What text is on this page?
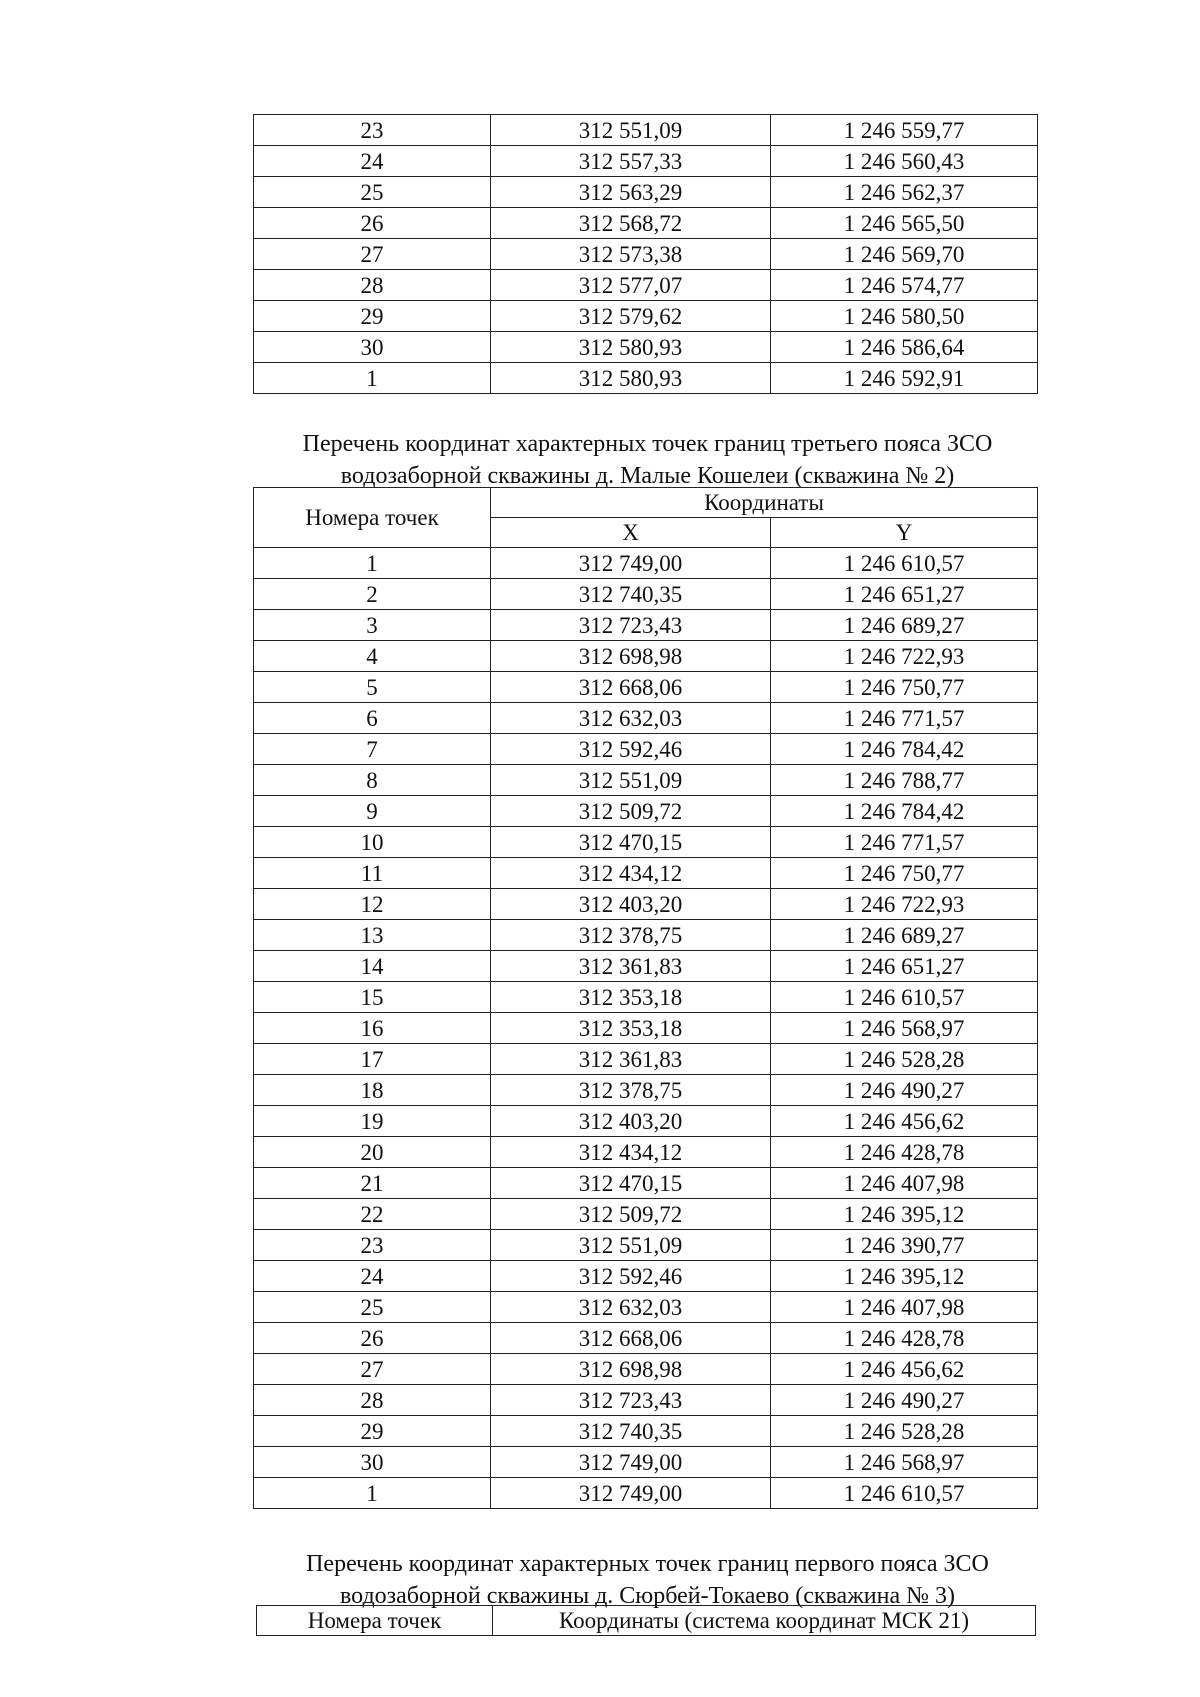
23	312 551,09	1 246 559,77
24	312 557,33	1 246 560,43
25	312 563,29	1 246 562,37
26	312 568,72	1 246 565,50
27	312 573,38	1 246 569,70
28	312 577,07	1 246 574,77
29	312 579,62	1 246 580,50
30	312 580,93	1 246 586,64
1	312 580,93	1 246 592,91
Перечень координат характерных точек границ третьего пояса ЗСО
водозаборной скважины д. Малые Кошелеи (скважина № 2)
Номера точек	Координаты	
	X	Y
1	312 749,00	1 246 610,57
2	312 740,35	1 246 651,27
3	312 723,43	1 246 689,27
4	312 698,98	1 246 722,93
5	312 668,06	1 246 750,77
6	312 632,03	1 246 771,57
7	312 592,46	1 246 784,42
8	312 551,09	1 246 788,77
9	312 509,72	1 246 784,42
10	312 470,15	1 246 771,57
11	312 434,12	1 246 750,77
12	312 403,20	1 246 722,93
13	312 378,75	1 246 689,27
14	312 361,83	1 246 651,27
15	312 353,18	1 246 610,57
16	312 353,18	1 246 568,97
17	312 361,83	1 246 528,28
18	312 378,75	1 246 490,27
19	312 403,20	1 246 456,62
20	312 434,12	1 246 428,78
21	312 470,15	1 246 407,98
22	312 509,72	1 246 395,12
23	312 551,09	1 246 390,77
24	312 592,46	1 246 395,12
25	312 632,03	1 246 407,98
26	312 668,06	1 246 428,78
27	312 698,98	1 246 456,62
28	312 723,43	1 246 490,27
29	312 740,35	1 246 528,28
30	312 749,00	1 246 568,97
1	312 749,00	1 246 610,57
Перечень координат характерных точек границ первого пояса ЗСО
водозаборной скважины д. Сюрбей-Токаево (скважина № 3)
Номера точек	Координаты (система координат МСК 21)
